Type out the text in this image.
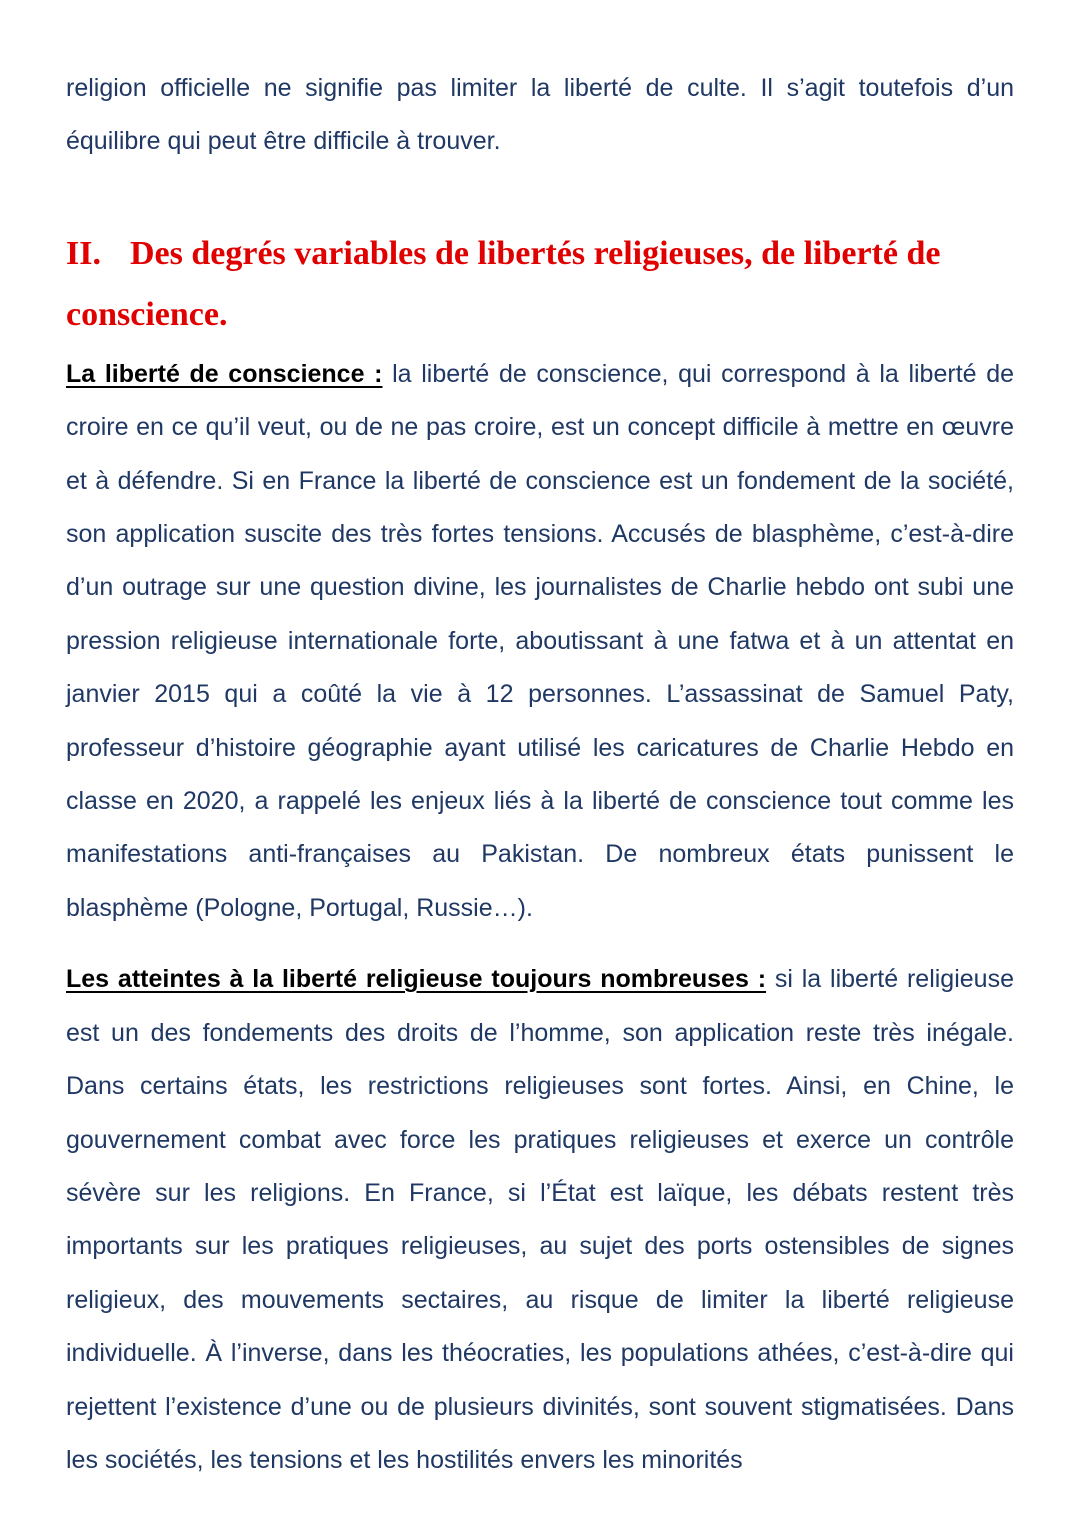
religion officielle ne signifie pas limiter la liberté de culte. Il s’agit toutefois d’un équilibre qui peut être difficile à trouver.

II. Des degrés variables de libertés religieuses, de liberté de conscience.

La liberté de conscience : la liberté de conscience, qui correspond à la liberté de croire en ce qu’il veut, ou de ne pas croire, est un concept difficile à mettre en œuvre et à défendre. Si en France la liberté de conscience est un fondement de la société, son application suscite des très fortes tensions. Accusés de blasphème, c’est-à-dire d’un outrage sur une question divine, les journalistes de Charlie hebdo ont subi une pression religieuse internationale forte, aboutissant à une fatwa et à un attentat en janvier 2015 qui a coûté la vie à 12 personnes. L’assassinat de Samuel Paty, professeur d’histoire géographie ayant utilisé les caricatures de Charlie Hebdo en classe en 2020, a rappelé les enjeux liés à la liberté de conscience tout comme les manifestations anti-françaises au Pakistan. De nombreux états punissent le blasphème (Pologne, Portugal, Russie…).

Les atteintes à la liberté religieuse toujours nombreuses : si la liberté religieuse est un des fondements des droits de l’homme, son application reste très inégale. Dans certains états, les restrictions religieuses sont fortes. Ainsi, en Chine, le gouvernement combat avec force les pratiques religieuses et exerce un contrôle sévère sur les religions. En France, si l’État est laïque, les débats restent très importants sur les pratiques religieuses, au sujet des ports ostensibles de signes religieux, des mouvements sectaires, au risque de limiter la liberté religieuse individuelle. À l’inverse, dans les théocraties, les populations athées, c’est-à-dire qui rejettent l’existence d’une ou de plusieurs divinités, sont souvent stigmatisées. Dans les sociétés, les tensions et les hostilités envers les minorités
